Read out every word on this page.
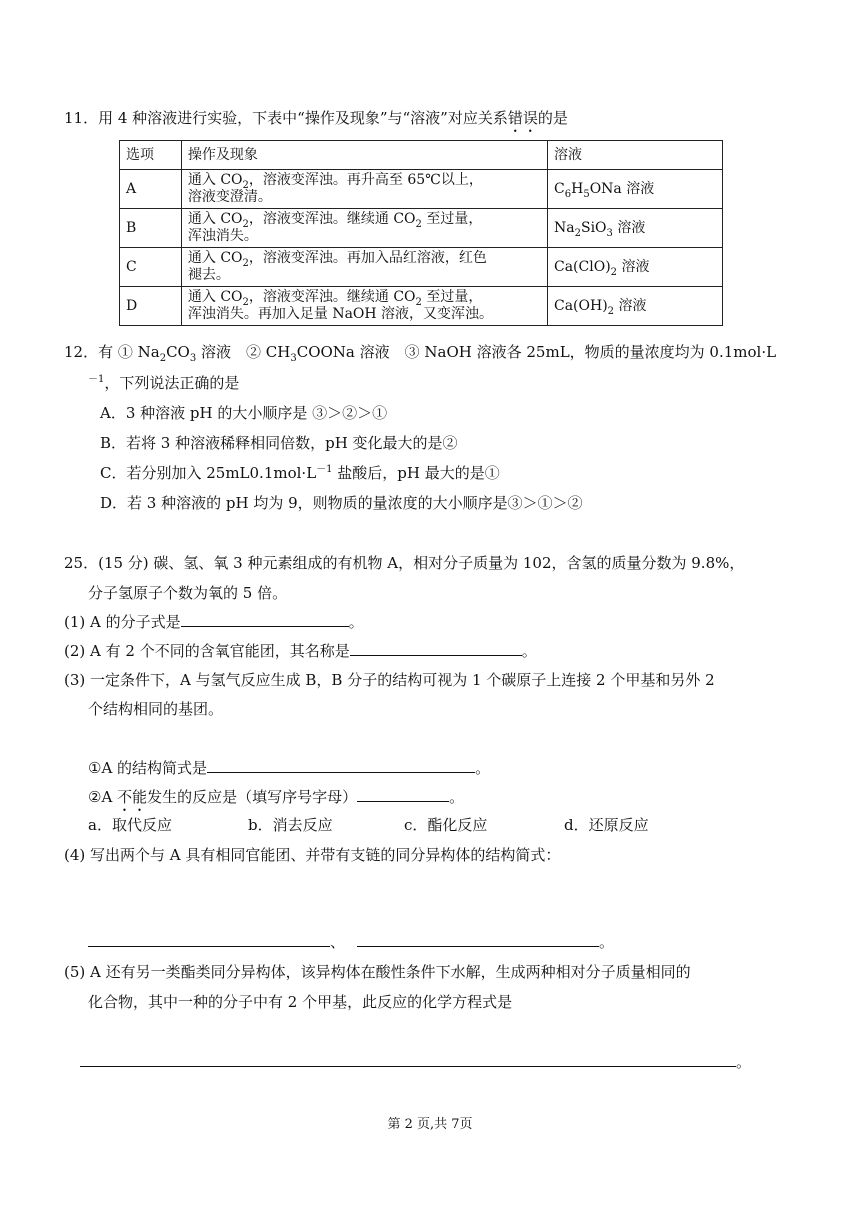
11．用 4 种溶液进行实验，下表中“操作及现象”与“溶液”对应关系错误的是
选项	操作及现象	溶液
A	通入 $CO_2$，溶液变浑浊。再升高至 65℃以上，
溶液变澄清。	$C_6H_5ONa$ 溶液
B	通入 $CO_2$，溶液变浑浊。继续通 $CO_2$ 至过量，
浑浊消失。	$Na_2SiO_3$ 溶液
C	通入 $CO_2$，溶液变浑浊。再加入品红溶液，红色
褪去。	$Ca(ClO)_2$ 溶液
D	通入 $CO_2$，溶液变浑浊。继续通 $CO_2$ 至过量，
浑浊消失。再加入足量 NaOH 溶液，又变浑浊。	$Ca(OH)_2$ 溶液
12．有 ① $Na_2CO_3$ 溶液　② $CH_3COONa$ 溶液　③ NaOH 溶液各 25mL，物质的量浓度均为 0.1mol·L
$^{-1}$，下列说法正确的是
A．3 种溶液 pH 的大小顺序是 ③＞②＞①
B．若将 3 种溶液稀释相同倍数，pH 变化最大的是②
C．若分别加入 $25mL0.1mol\cdot L^{-1}$ 盐酸后，pH 最大的是①
D．若 3 种溶液的 pH 均为 9，则物质的量浓度的大小顺序是③＞①＞②
25．(15 分) 碳、氢、氧 3 种元素组成的有机物 A，相对分子质量为 102，含氢的质量分数为 9.8%，
分子氢原子个数为氧的 5 倍。
(1) A 的分子式是	。
(2) A 有 2 个不同的含氧官能团，其名称是	。
(3) 一定条件下，A 与氢气反应生成 B，B 分子的结构可视为 1 个碳原子上连接 2 个甲基和另外 2
个结构相同的基团。
①A 的结构简式是	。
②A 不能发生的反应是（填写序号字母）	。
a．取代反应	b．消去反应	c．酯化反应	d．还原反应
(4) 写出两个与 A 具有相同官能团、并带有支链的同分异构体的结构简式：
、	。
(5) A 还有另一类酯类同分异构体，该异构体在酸性条件下水解，生成两种相对分子质量相同的
化合物，其中一种的分子中有 2 个甲基，此反应的化学方程式是
。
第 2 页,共 7页
